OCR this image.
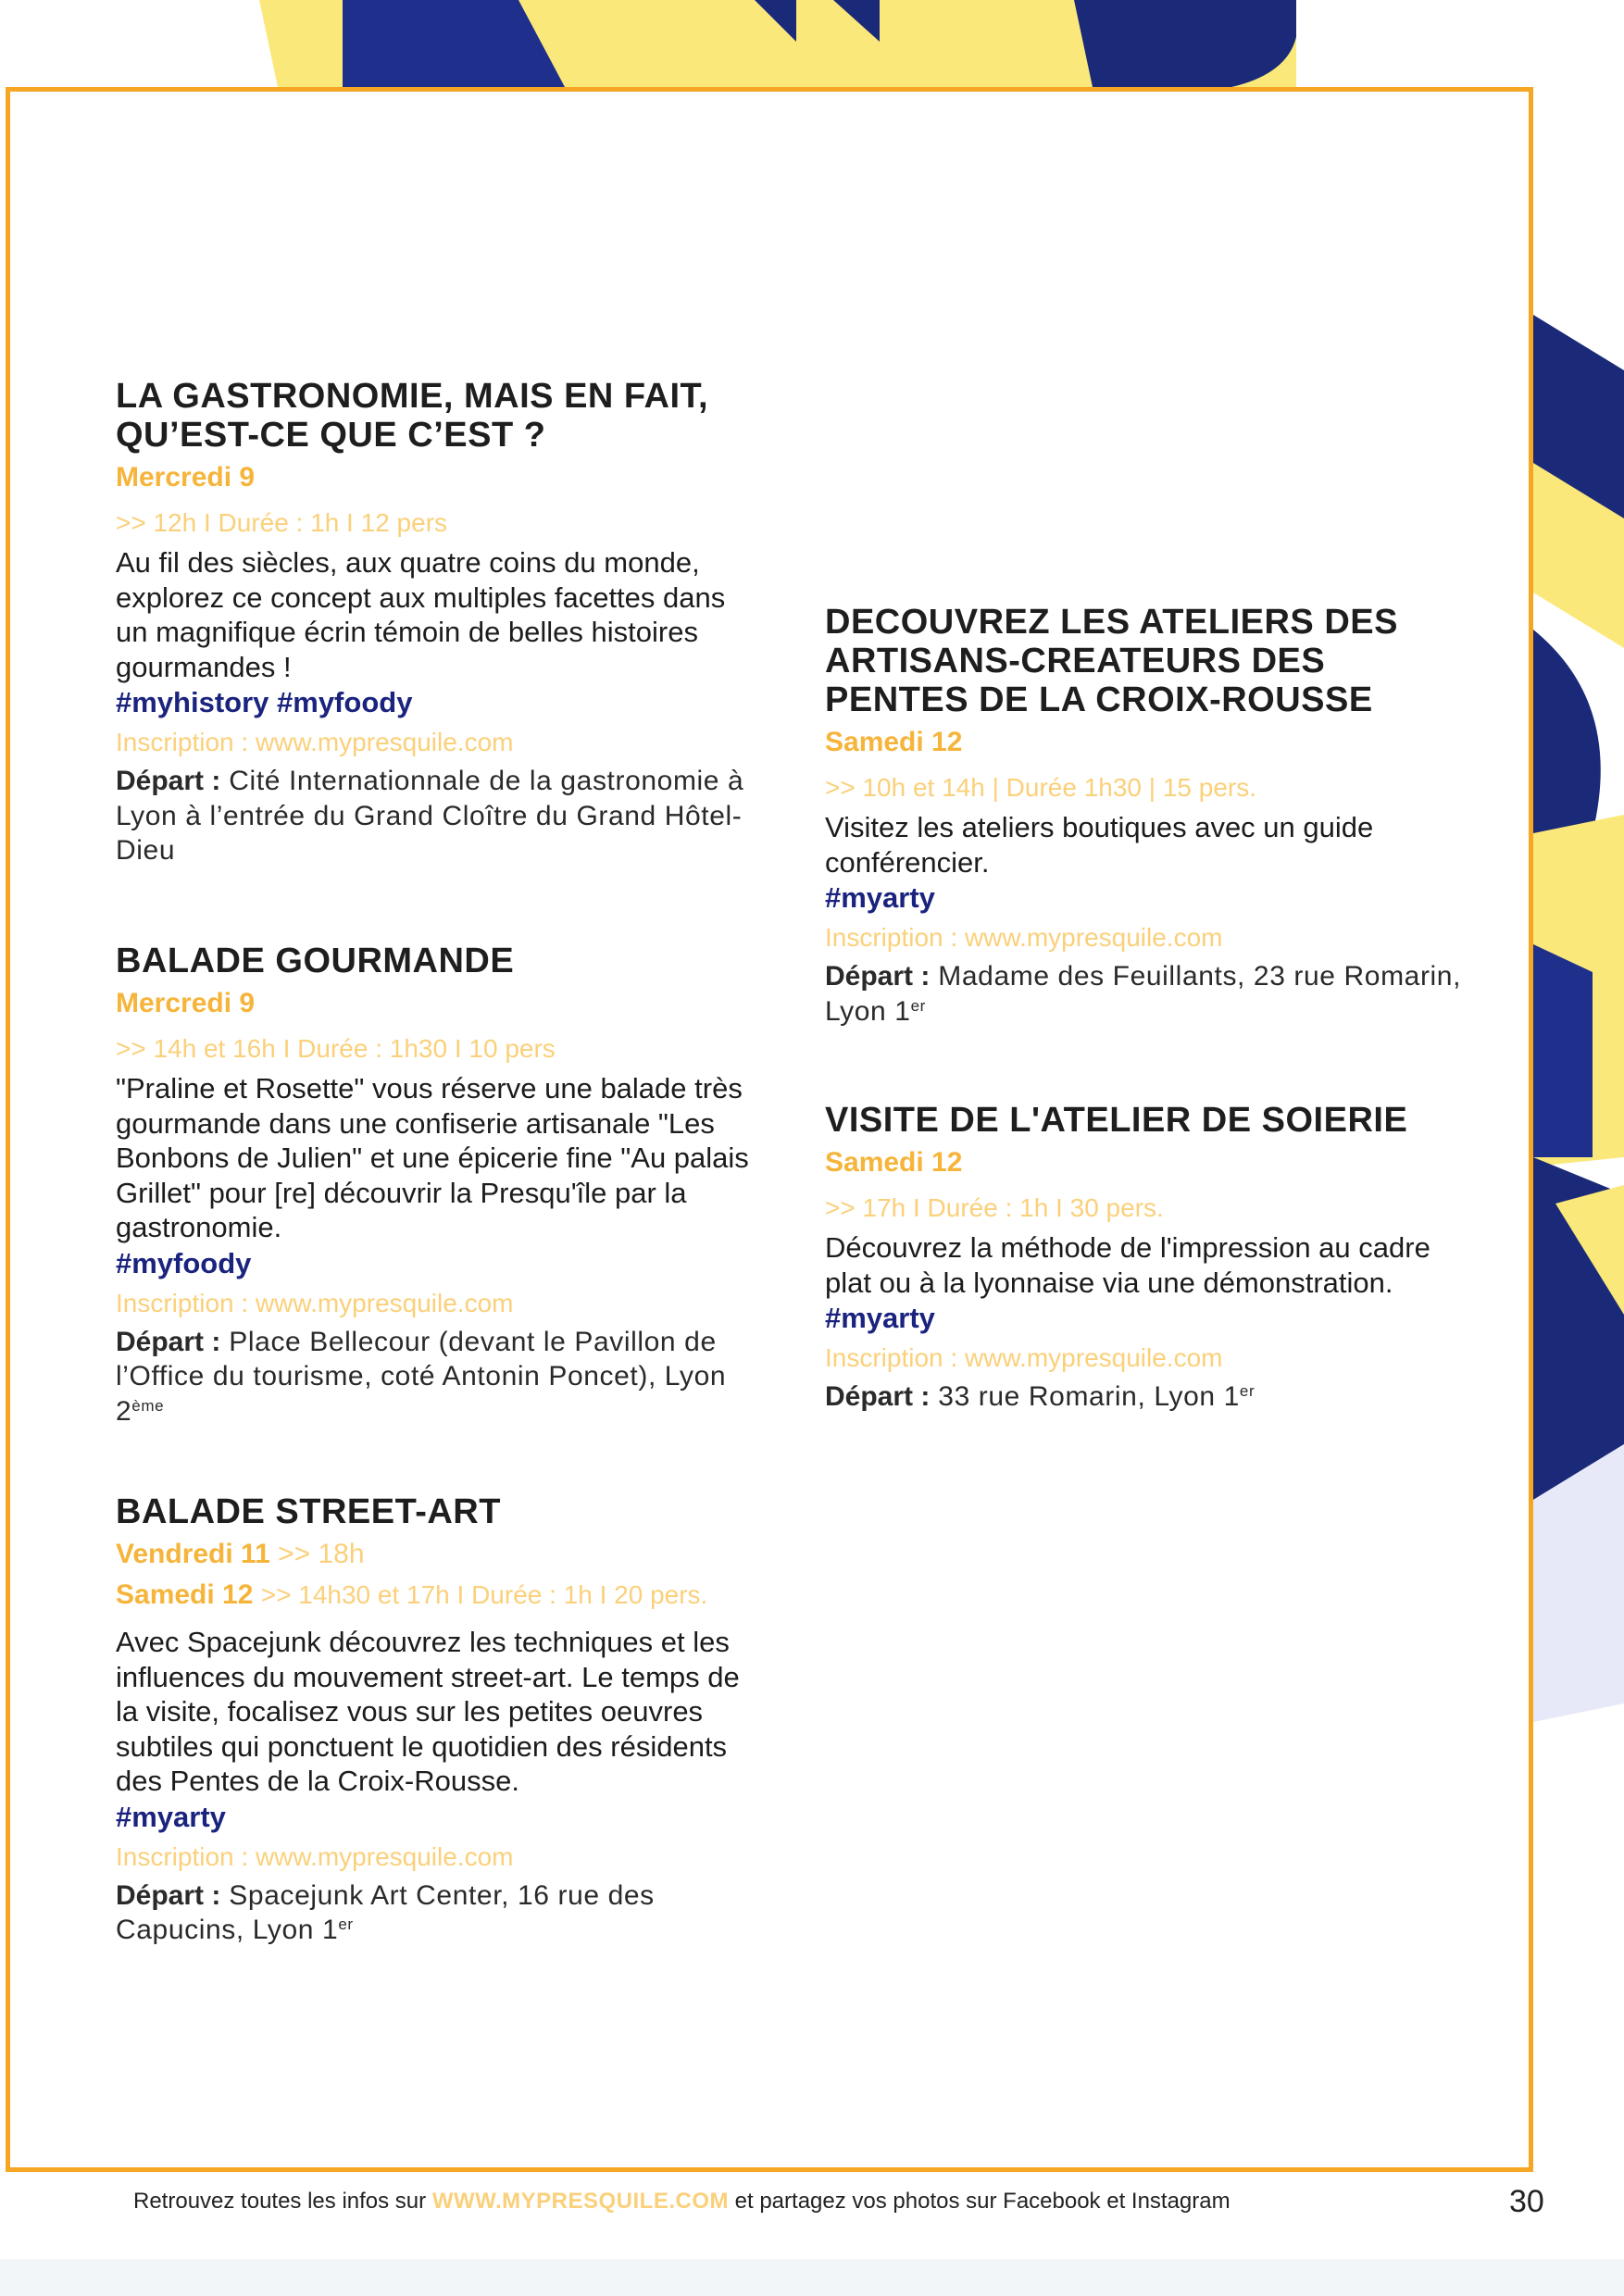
LA GASTRONOMIE, MAIS EN FAIT, QU’EST-CE QUE C’EST ?
Mercredi 9
>> 12h I Durée : 1h I 12 pers

Au fil des siècles, aux quatre coins du monde, explorez ce concept aux multiples facettes dans un magnifique écrin témoin de belles histoires gourmandes !

#myhistory #myfoody
Inscription : www.mypresquile.com
Départ : Cité Internationnale de la gastronomie à Lyon à l’entrée du Grand Cloître du Grand Hôtel-Dieu
BALADE GOURMANDE
Mercredi 9
>> 14h et 16h I Durée : 1h30 I 10 pers

"Praline et Rosette" vous réserve une balade très gourmande dans une confiserie artisanale "Les Bonbons de Julien" et une épicerie fine "Au palais Grillet" pour [re] découvrir la Presqu'île par la gastronomie.

#myfoody
Inscription : www.mypresquile.com
Départ : Place Bellecour (devant le Pavillon de l’Office du tourisme, coté Antonin Poncet), Lyon 2ème
BALADE STREET-ART
Vendredi 11 >> 18h
Samedi 12 >> 14h30 et 17h I Durée : 1h I 20 pers.

Avec Spacejunk découvrez les techniques et les influences du mouvement street-art. Le temps de la visite, focalisez vous sur les petites oeuvres subtiles qui ponctuent le quotidien des résidents des Pentes de la Croix-Rousse.

#myarty
Inscription : www.mypresquile.com
Départ : Spacejunk Art Center, 16 rue des Capucins, Lyon 1er
DECOUVREZ LES ATELIERS DES ARTISANS-CREATEURS DES PENTES DE LA CROIX-ROUSSE
Samedi 12
>> 10h et 14h | Durée 1h30 | 15 pers.

Visitez les ateliers boutiques avec un guide conférencier.

#myarty
Inscription : www.mypresquile.com
Départ : Madame des Feuillants, 23 rue Romarin, Lyon 1er
VISITE DE L'ATELIER DE SOIERIE
Samedi 12
>> 17h I Durée : 1h I 30 pers.

Découvrez la méthode de l'impression au cadre plat ou à la lyonnaise via une démonstration.

#myarty
Inscription : www.mypresquile.com
Départ : 33 rue Romarin, Lyon 1er
Retrouvez toutes les infos sur WWW.MYPRESQUILE.COM et partagez vos photos sur Facebook et Instagram	30
